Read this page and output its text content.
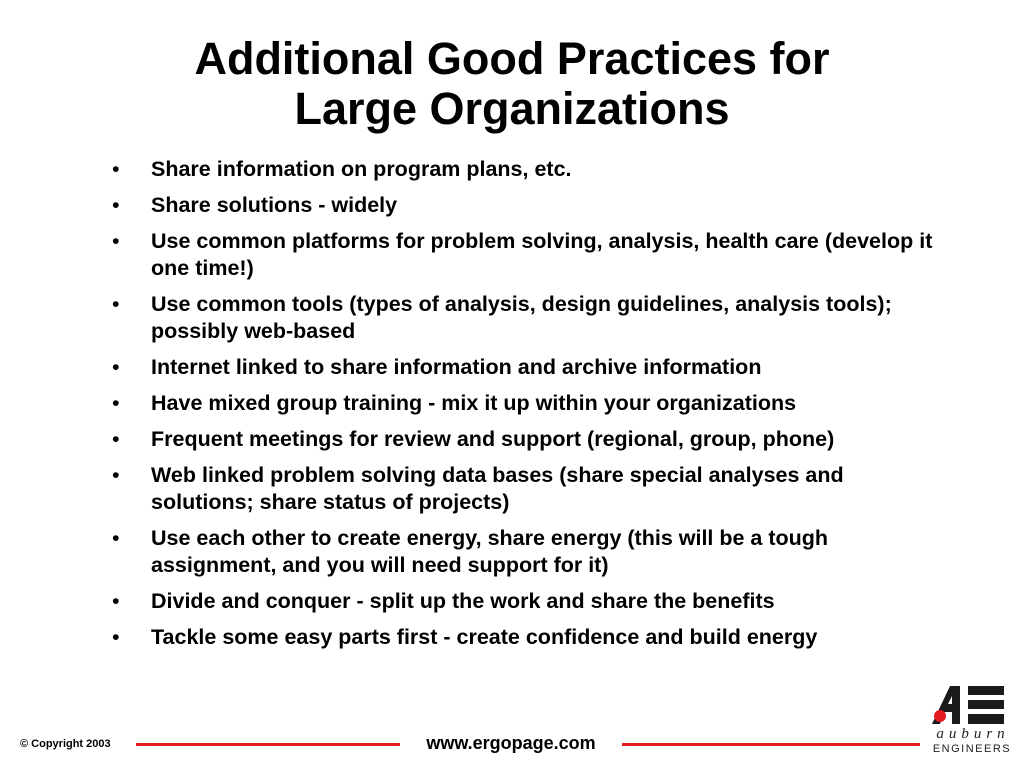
Additional Good Practices for
Large Organizations
• Share information on program plans, etc.
• Share solutions - widely
• Use common platforms for problem solving, analysis, health care (develop it one time!)
• Use common tools (types of analysis, design guidelines, analysis tools); possibly web-based
• Internet linked to share information and archive information
• Have mixed group training - mix it up within your organizations
• Frequent meetings for review and support (regional, group, phone)
• Web linked problem solving data bases (share special analyses and solutions; share status of projects)
• Use each other to create energy, share energy (this will be a tough assignment, and you will need support for it)
• Divide and conquer - split up the work and share the benefits
• Tackle some easy parts first - create confidence and build energy
© Copyright 2003	www.ergopage.com	auburn
ENGINEERS
